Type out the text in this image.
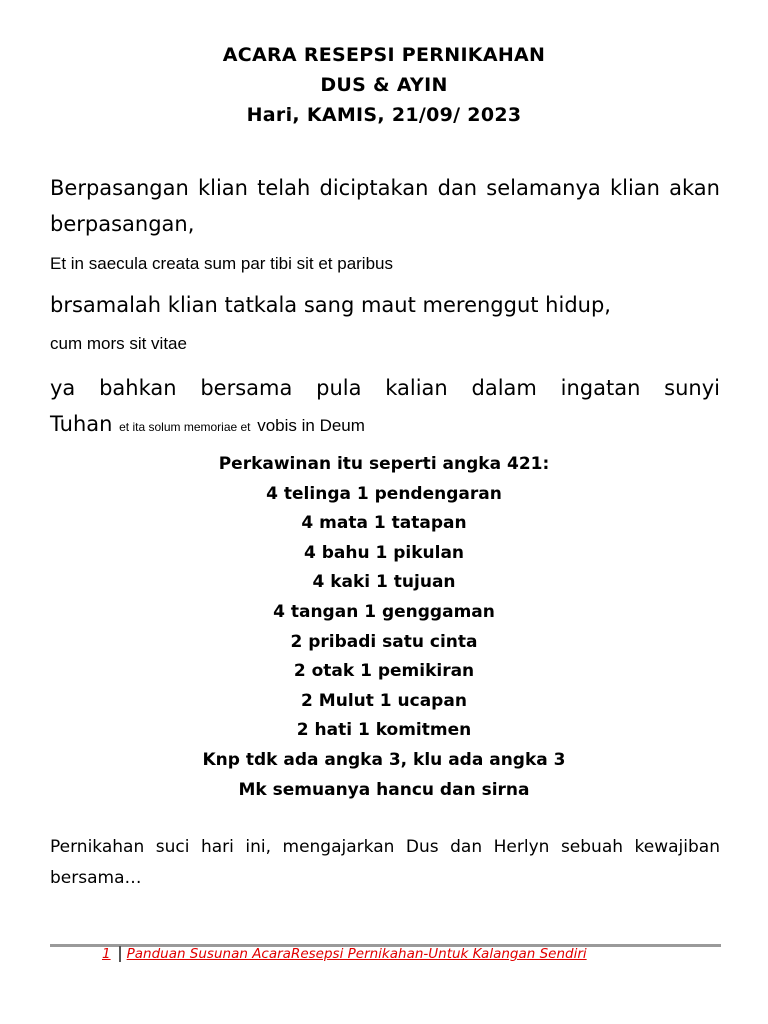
ACARA RESEPSI PERNIKAHAN
DUS & AYIN
Hari, KAMIS, 21/09/ 2023
Berpasangan klian telah diciptakan dan selamanya klian akan berpasangan,
Et in saecula creata sum par tibi sit et paribus
brsamalah klian tatkala sang maut merenggut hidup,
cum mors sit vitae
ya bahkan bersama pula kalian dalam ingatan sunyi
Tuhan et ita solum memoriae et vobis in Deum
Perkawinan itu seperti angka 421:
4 telinga 1 pendengaran
4 mata 1 tatapan
4 bahu 1 pikulan
4 kaki 1 tujuan
4 tangan 1 genggaman
2 pribadi satu cinta
2 otak 1 pemikiran
2 Mulut 1 ucapan
2 hati 1 komitmen
Knp tdk ada angka 3, klu ada angka 3
Mk semuanya hancu dan sirna
Pernikahan suci hari ini, mengajarkan Dus dan Herlyn sebuah kewajiban bersama…
1	Panduan Susunan AcaraResepsi Pernikahan-Untuk Kalangan Sendiri
